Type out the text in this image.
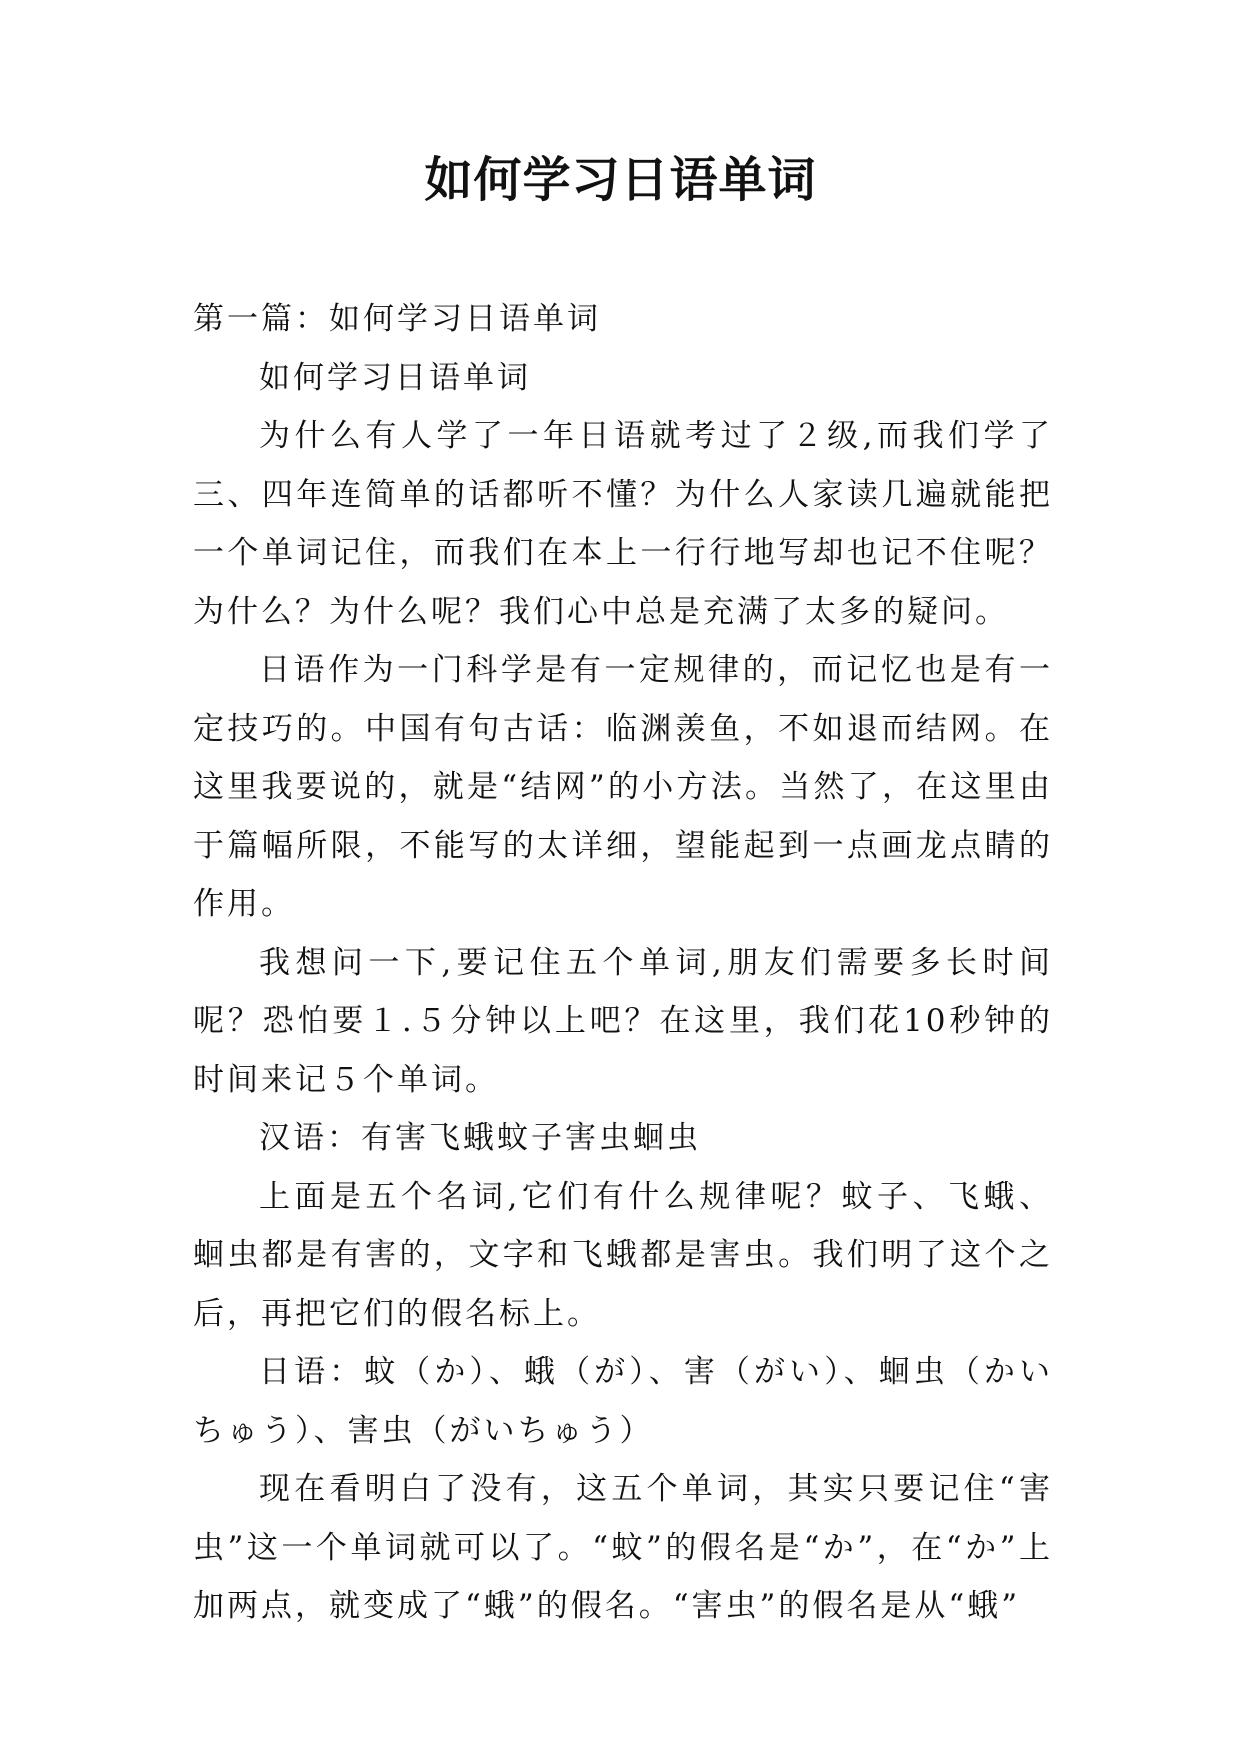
如何学习日语单词

第一篇：如何学习日语单词

如何学习日语单词

为什么有人学了一年日语就考过了２级,而我们学了三、四年连简单的话都听不懂？为什么人家读几遍就能把一个单词记住，而我们在本上一行行地写却也记不住呢？为什么？为什么呢？我们心中总是充满了太多的疑问。

日语作为一门科学是有一定规律的，而记忆也是有一定技巧的。中国有句古话：临渊羡鱼，不如退而结网。在这里我要说的，就是“结网”的小方法。当然了，在这里由于篇幅所限，不能写的太详细，望能起到一点画龙点睛的作用。

我想问一下,要记住五个单词,朋友们需要多长时间呢？恐怕要１.５分钟以上吧？在这里，我们花10秒钟的时间来记５个单词。

汉语：有害飞蛾蚊子害虫蛔虫

上面是五个名词,它们有什么规律呢？蚊子、飞蛾、蛔虫都是有害的，文字和飞蛾都是害虫。我们明了这个之后，再把它们的假名标上。

日语：蚊（か）、蛾（が）、害（がい）、蛔虫（かいちゅう）、害虫（がいちゅう）

现在看明白了没有，这五个单词，其实只要记住“害虫”这一个单词就可以了。“蚊”的假名是“か”，在“か”上加两点，就变成了“蛾”的假名。“害虫”的假名是从“蛾”
